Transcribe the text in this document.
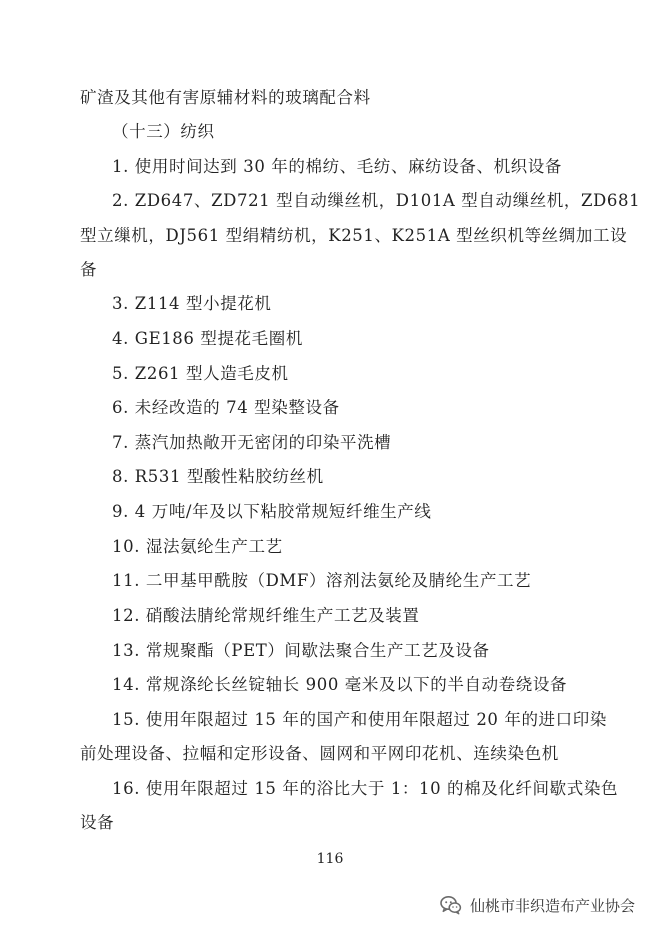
矿渣及其他有害原辅材料的玻璃配合料
（十三）纺织
1. 使用时间达到 30 年的棉纺、毛纺、麻纺设备、机织设备
2. ZD647、ZD721 型自动缫丝机，D101A 型自动缫丝机，ZD681
型立缫机，DJ561 型绢精纺机，K251、K251A 型丝织机等丝绸加工设
备
3. Z114 型小提花机
4. GE186 型提花毛圈机
5. Z261 型人造毛皮机
6. 未经改造的 74 型染整设备
7. 蒸汽加热敞开无密闭的印染平洗槽
8. R531 型酸性粘胶纺丝机
9. 4 万吨/年及以下粘胶常规短纤维生产线
10. 湿法氨纶生产工艺
11. 二甲基甲酰胺（DMF）溶剂法氨纶及腈纶生产工艺
12. 硝酸法腈纶常规纤维生产工艺及装置
13. 常规聚酯（PET）间歇法聚合生产工艺及设备
14. 常规涤纶长丝锭轴长 900 毫米及以下的半自动卷绕设备
15. 使用年限超过 15 年的国产和使用年限超过 20 年的进口印染
前处理设备、拉幅和定形设备、圆网和平网印花机、连续染色机
16. 使用年限超过 15 年的浴比大于 1：10 的棉及化纤间歇式染色
设备
116
仙桃市非织造布产业协会
